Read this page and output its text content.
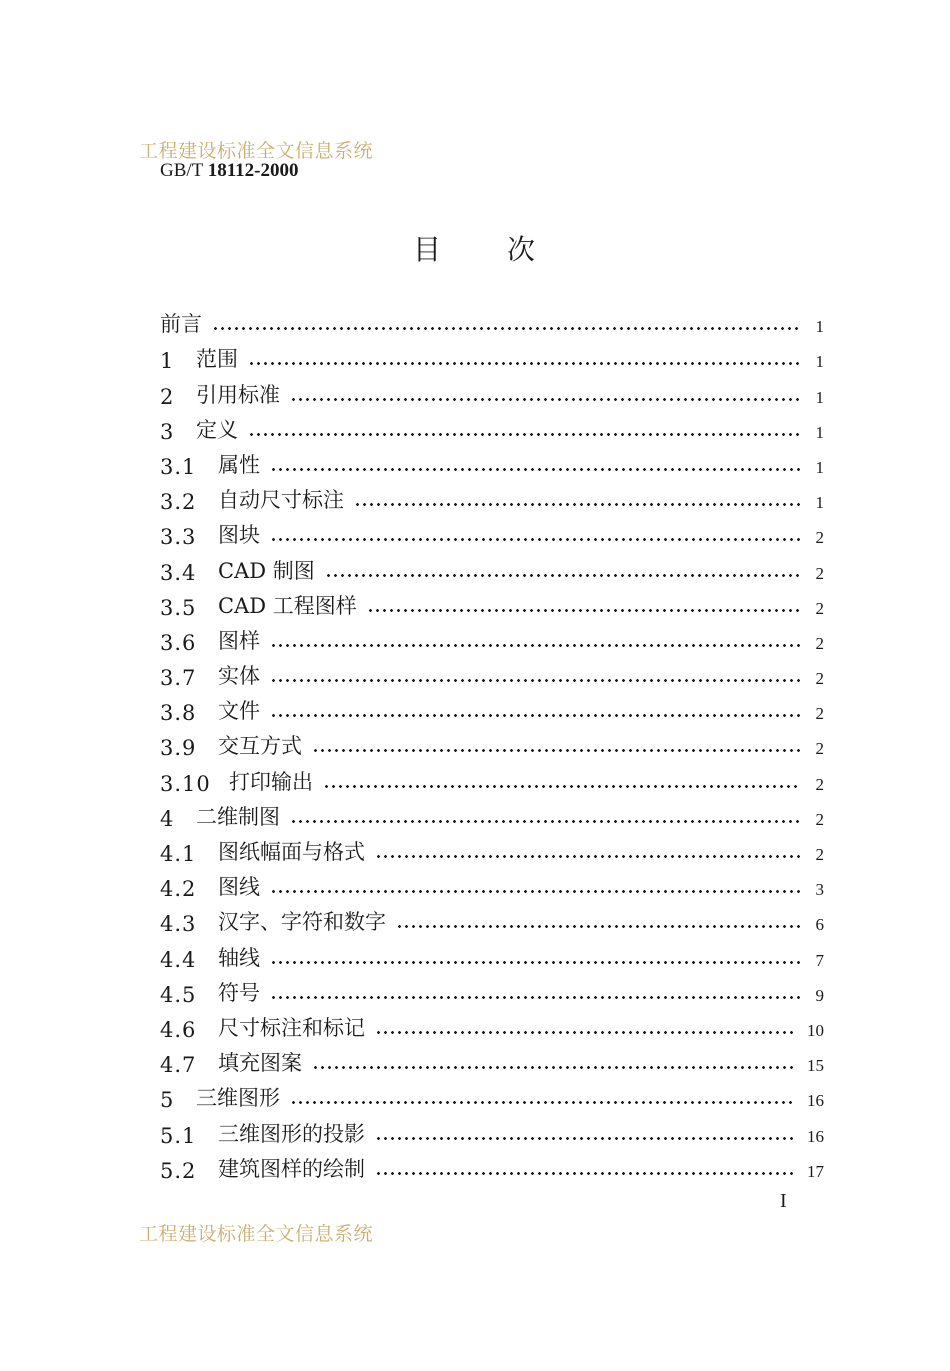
工程建设标准全文信息系统
GB/T 18112-2000
目 次
前言	1
1	范围	1
2	引用标准	1
3	定义	1
3.1	属性	1
3.2	自动尺寸标注	1
3.3	图块	2
3.4	CAD 制图	2
3.5	CAD 工程图样	2
3.6	图样	2
3.7	实体	2
3.8	文件	2
3.9	交互方式	2
3.10 打印输出	2
4	二维制图	2
4.1	图纸幅面与格式	2
4.2	图线	3
4.3	汉字、字符和数字	6
4.4	轴线	7
4.5	符号	9
4.6	尺寸标注和标记	10
4.7	填充图案	15
5	三维图形	16
5.1	三维图形的投影	16
5.2	建筑图样的绘制	17
I
工程建设标准全文信息系统
